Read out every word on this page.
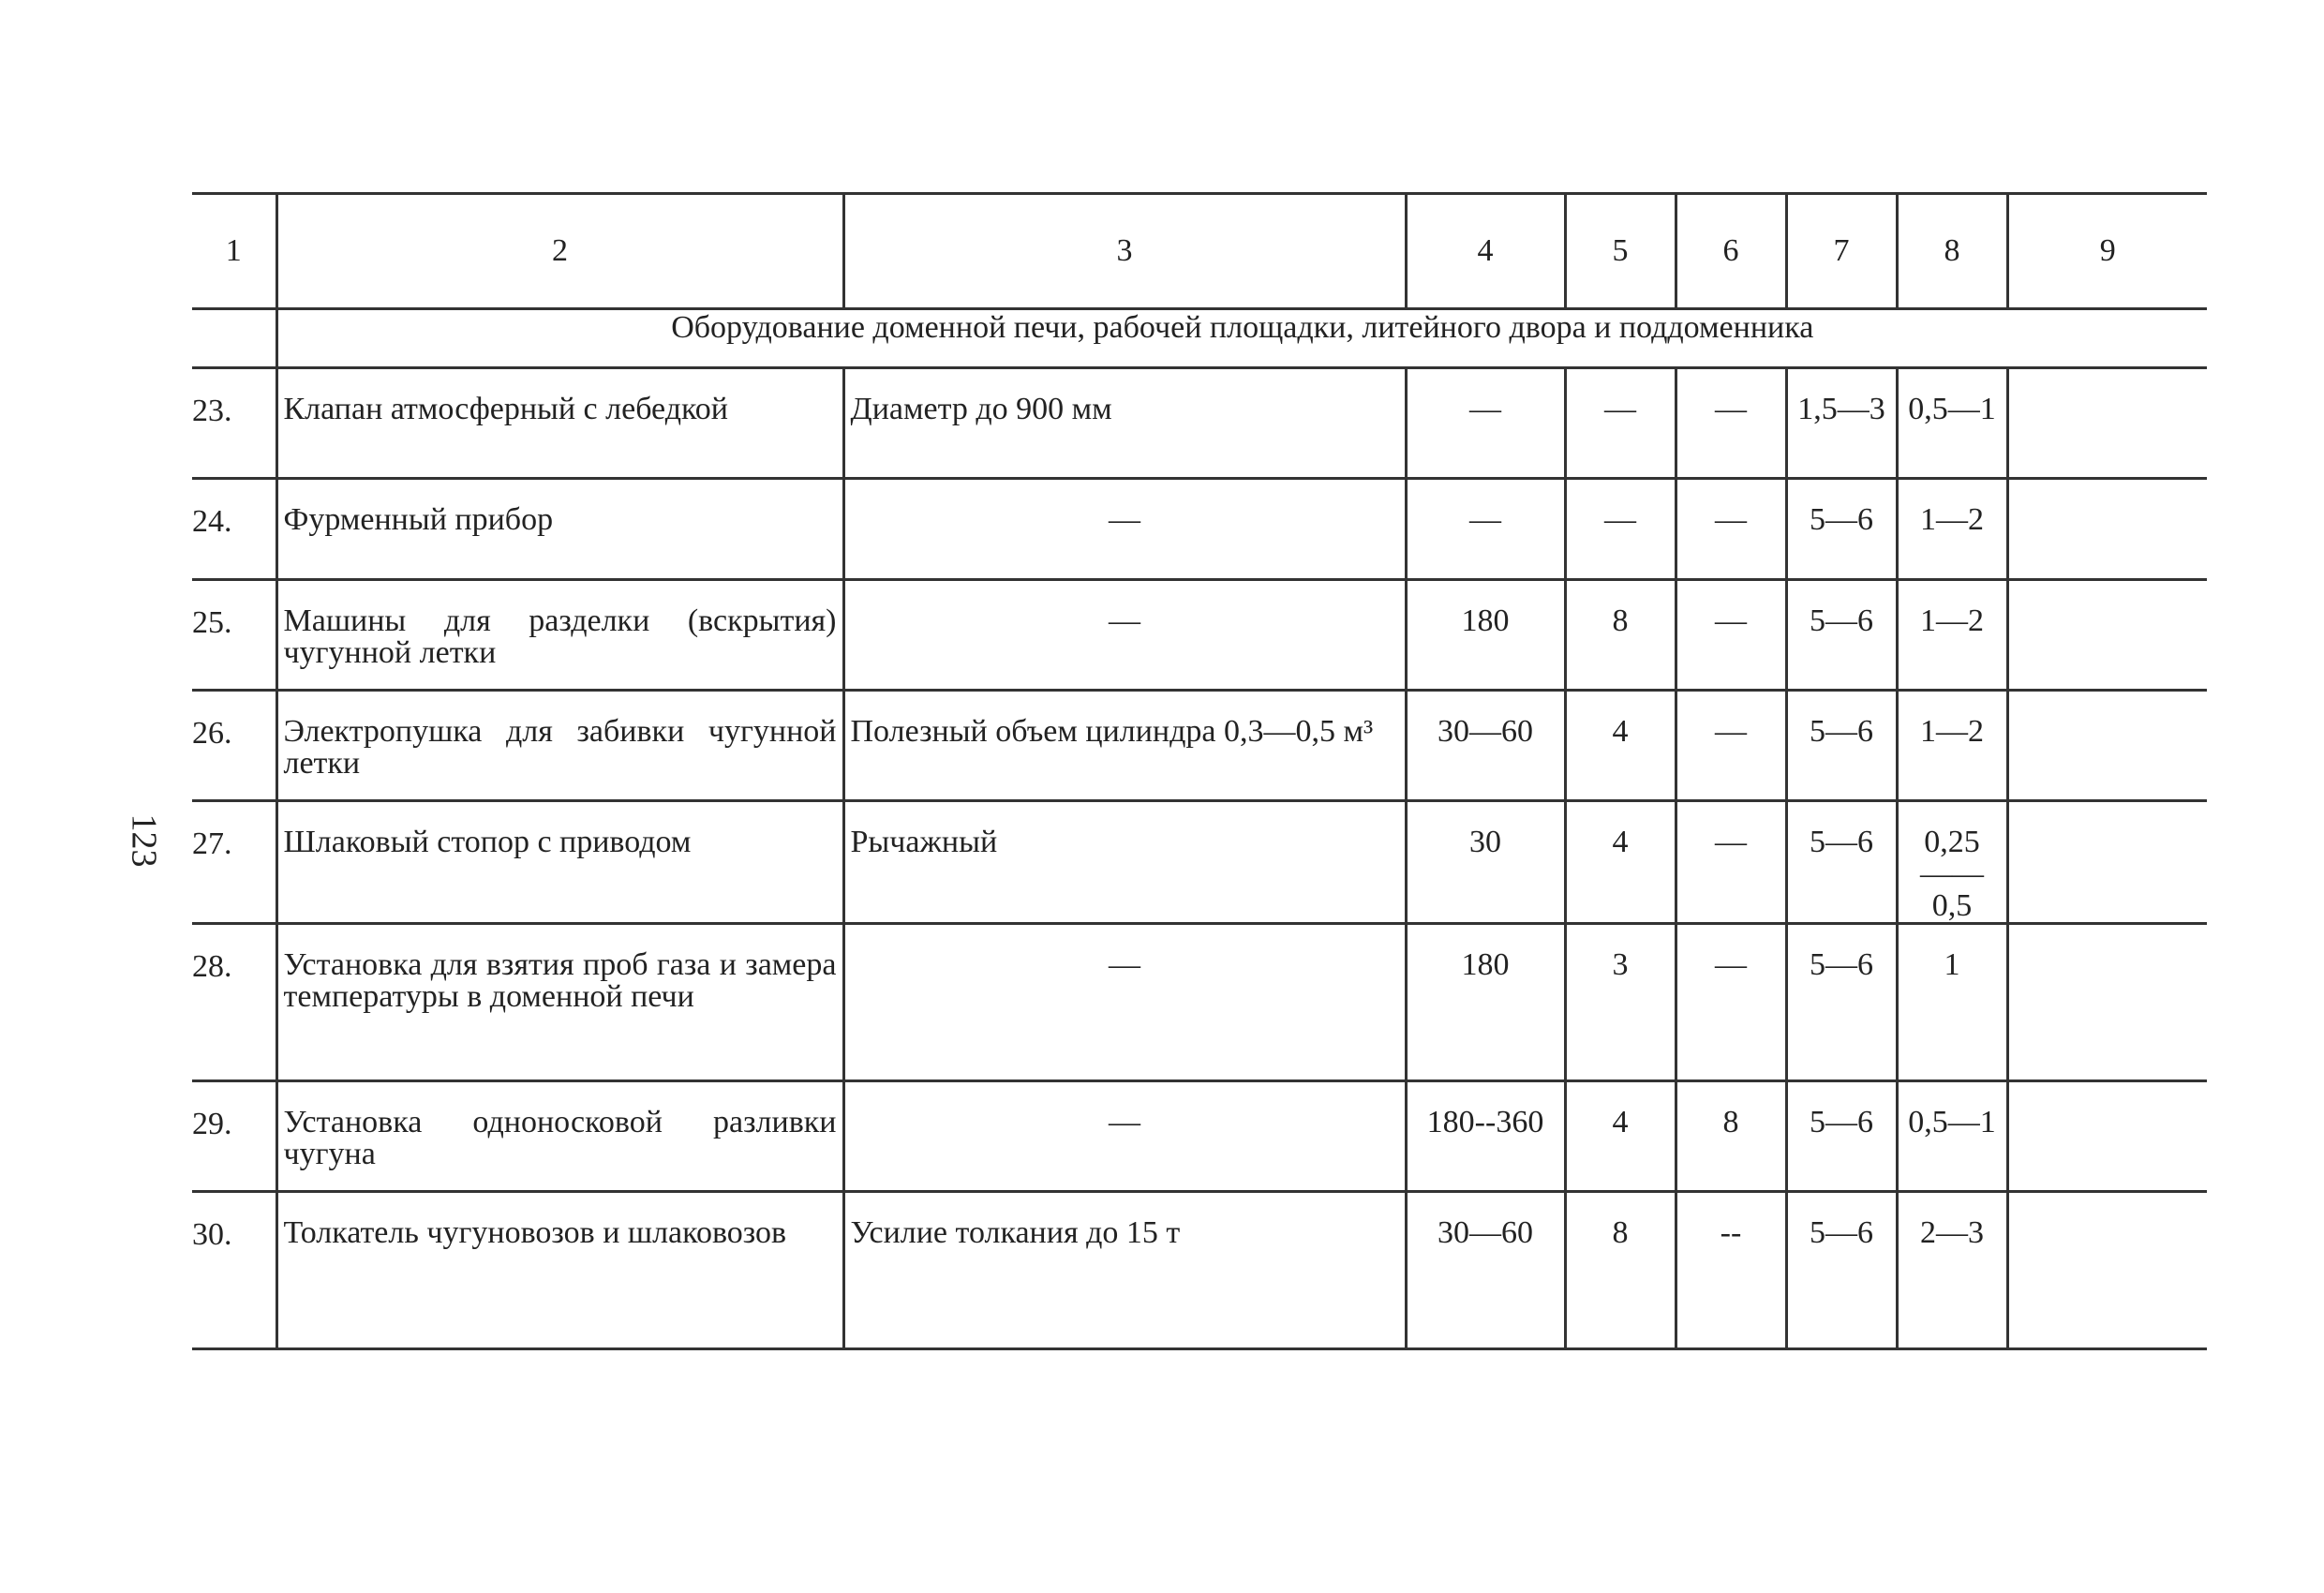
123
1	2	3	4	5	6	7	8	9
	Оборудование доменной печи, рабочей площадки, литейного двора и поддоменника							
23.	Клапан атмосферный с лебедкой	Диаметр до 900 мм	—	—	—	1,5—3	0,5—1	
24.	Фурменный прибор	—	—	—	—	5—6	1—2	
25.	Машины для разделки (вскрытия) чугунной летки	—	180	8	—	5—6	1—2	
26.	Электропушка для забивки чугунной летки	Полезный объем цилиндра 0,3—0,5 м³	30—60	4	—	5—6	1—2	
27.	Шлаковый стопор с приводом	Рычажный	30	4	—	5—6	0,25——0,5	
28.	Установка для взятия проб газа и замера температуры в доменной печи	—	180	3	—	5—6	1	
29.	Установка одноносковой разливки чугуна	—	180--360	4	8	5—6	0,5—1	
30.	Толкатель чугуновозов и шлаковозов	Усилие толкания до 15 т	30—60	8	--	5—6	2—3	
